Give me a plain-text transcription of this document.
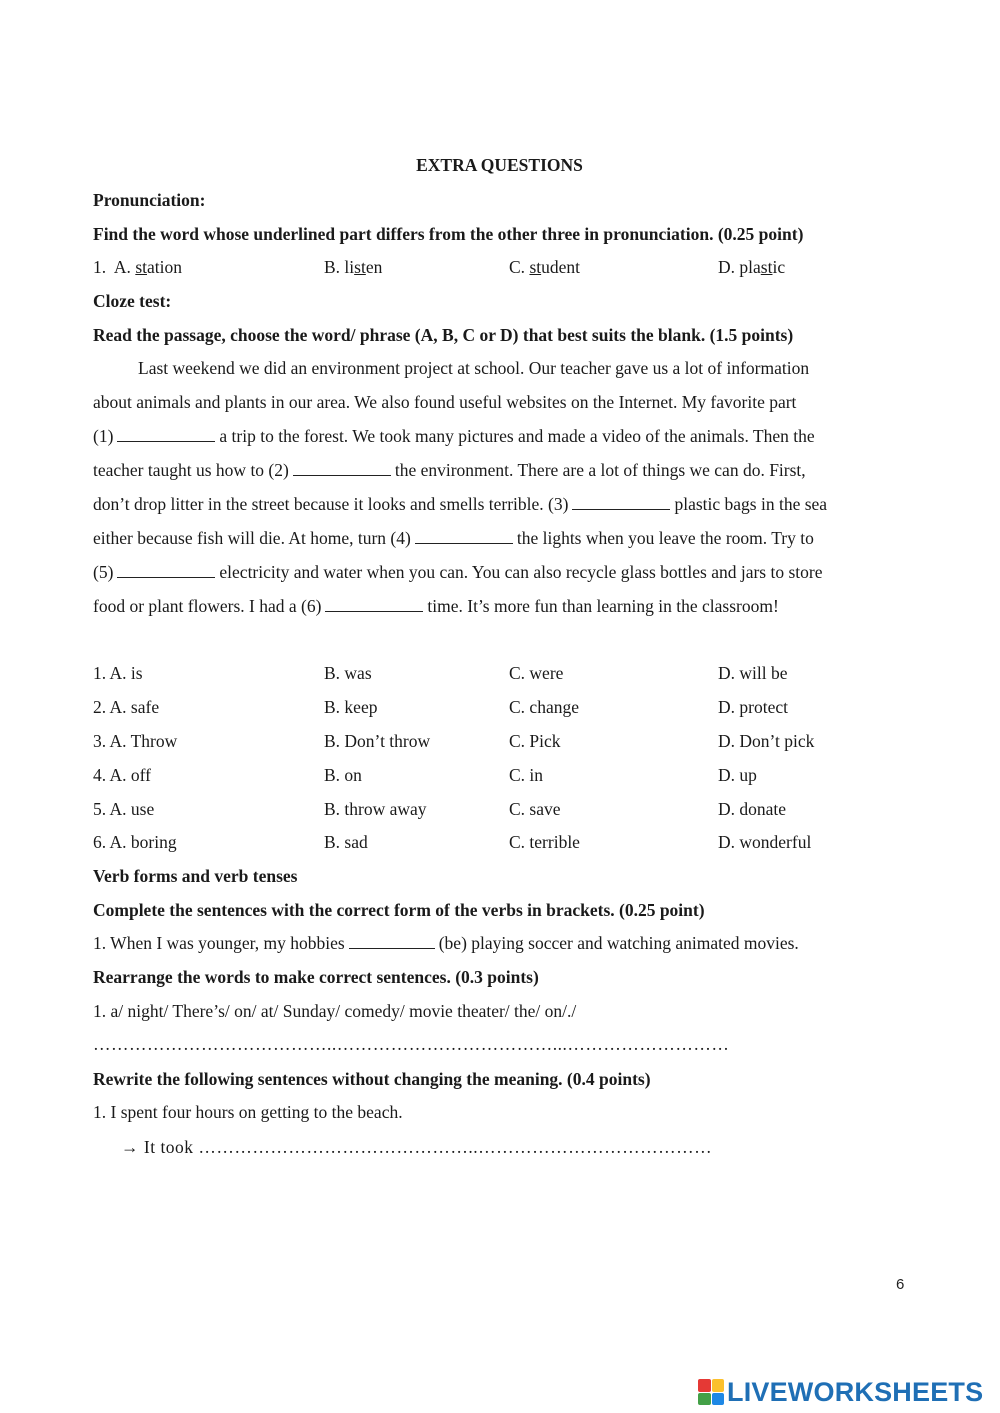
EXTRA QUESTIONS
Pronunciation:
Find the word whose underlined part differs from the other three in pronunciation. (0.25 point)
1. A. station	B. listen	C. student	D. plastic
Cloze test:
Read the passage, choose the word/ phrase (A, B, C or D) that best suits the blank. (1.5 points)
Last weekend we did an environment project at school. Our teacher gave us a lot of information
about animals and plants in our area. We also found useful websites on the Internet. My favorite part
(1)	a trip to the forest. We took many pictures and made a video of the animals. Then the
teacher taught us how to (2)	the environment. There are a lot of things we can do. First,
don’t drop litter in the street because it looks and smells terrible. (3)	plastic bags in the sea
either because fish will die. At home, turn (4)	the lights when you leave the room. Try to
(5)	electricity and water when you can. You can also recycle glass bottles and jars to store
food or plant flowers. I had a (6)	time. It’s more fun than learning in the classroom!
1. A. is	B. was	C. were	D. will be
2. A. safe	B. keep	C. change	D. protect
3. A. Throw	B. Don’t throw	C. Pick	D. Don’t pick
4. A. off	B. on	C. in	D. up
5. A. use	B. throw away	C. save	D. donate
6. A. boring	B. sad	C. terrible	D. wonderful
Verb forms and verb tenses
Complete the sentences with the correct form of the verbs in brackets. (0.25 point)
1. When I was younger, my hobbies	(be) playing soccer and watching animated movies.
Rearrange the words to make correct sentences. (0.3 points)
1. a/ night/ There’s/ on/ at/ Sunday/ comedy/ movie theater/ the/ on/./
…………………………………..………………………………...………………………
Rewrite the following sentences without changing the meaning. (0.4 points)
1. I spent four hours on getting to the beach.
→ It took ………………………………………..…………………………………
6
LIVEWORKSHEETS
